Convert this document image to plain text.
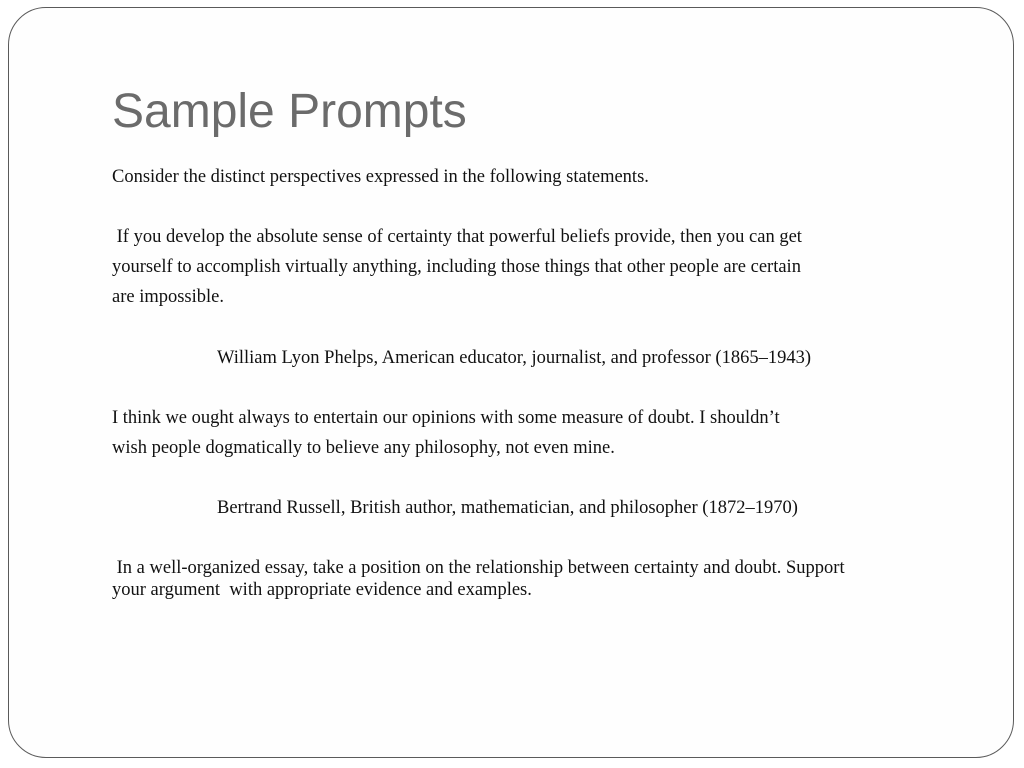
Sample Prompts
Consider the distinct perspectives expressed in the following statements.
If you develop the absolute sense of certainty that powerful beliefs provide, then you can get
yourself to accomplish virtually anything, including those things that other people are certain
are impossible.
William Lyon Phelps, American educator, journalist, and professor (1865–1943)
I think we ought always to entertain our opinions with some measure of doubt. I shouldn’t
wish people dogmatically to believe any philosophy, not even mine.
Bertrand Russell, British author, mathematician, and philosopher (1872–1970)
In a well-organized essay, take a position on the relationship between certainty and doubt. Support
your argument  with appropriate evidence and examples.
